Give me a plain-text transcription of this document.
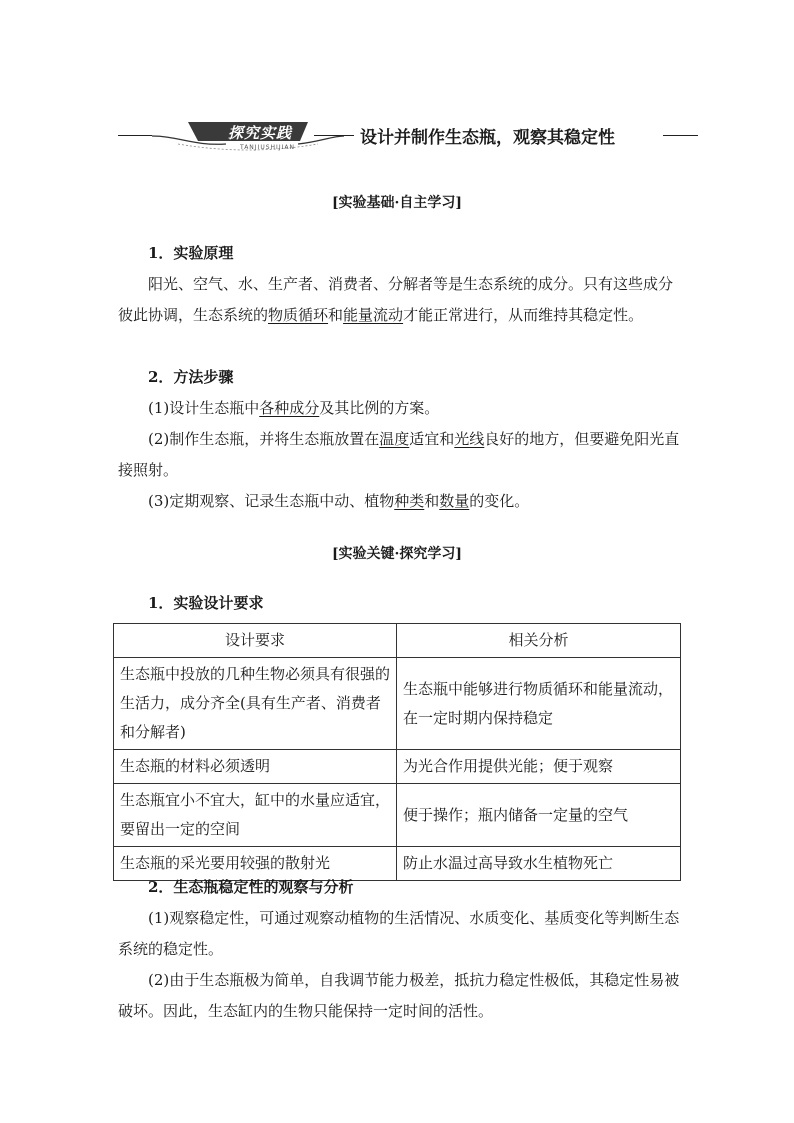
探究实践
TANJIUSHIJIAN	设计并制作生态瓶，观察其稳定性
[实验基础·自主学习]
1．实验原理
阳光、空气、水、生产者、消费者、分解者等是生态系统的成分。只有这些成分彼此协调，生态系统的物质循环和能量流动才能正常进行，从而维持其稳定性。
2．方法步骤
(1)设计生态瓶中各种成分及其比例的方案。
(2)制作生态瓶，并将生态瓶放置在温度适宜和光线良好的地方，但要避免阳光直接照射。
(3)定期观察、记录生态瓶中动、植物种类和数量的变化。
[实验关键·探究学习]
1．实验设计要求
设计要求	相关分析
生态瓶中投放的几种生物必须具有很强的生活力，成分齐全(具有生产者、消费者和分解者)	生态瓶中能够进行物质循环和能量流动，在一定时期内保持稳定
生态瓶的材料必须透明	为光合作用提供光能；便于观察
生态瓶宜小不宜大，缸中的水量应适宜，要留出一定的空间	便于操作；瓶内储备一定量的空气
生态瓶的采光要用较强的散射光	防止水温过高导致水生植物死亡
2．生态瓶稳定性的观察与分析
(1)观察稳定性，可通过观察动植物的生活情况、水质变化、基质变化等判断生态系统的稳定性。
(2)由于生态瓶极为简单，自我调节能力极差，抵抗力稳定性极低，其稳定性易被破坏。因此，生态缸内的生物只能保持一定时间的活性。
